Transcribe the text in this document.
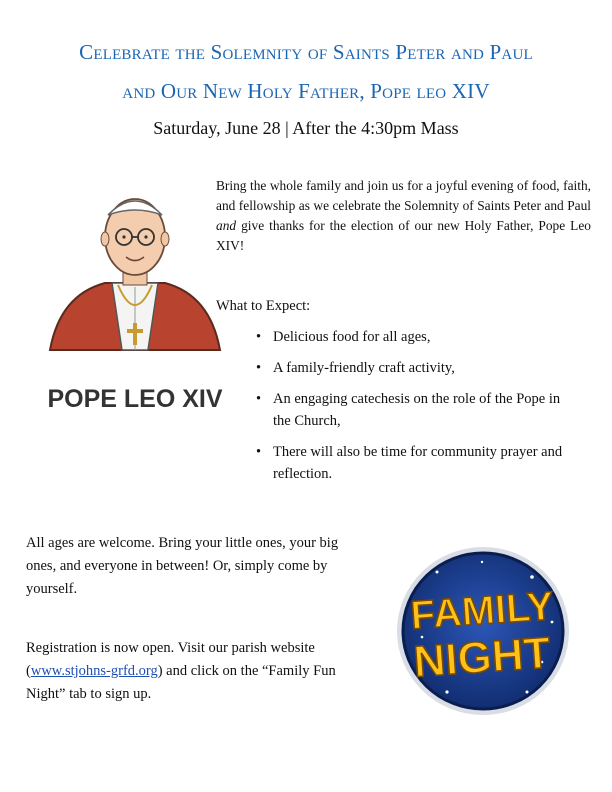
Celebrate the Solemnity of Saints Peter and Paul
and Our New Holy Father, Pope leo XIV
Saturday, June 28 | After the 4:30pm Mass
POPE LEO XIV
Bring the whole family and join us for a joyful evening of food, faith, and fellowship as we celebrate the Solemnity of Saints Peter and Paul and give thanks for the election of our new Holy Father, Pope Leo XIV!
What to Expect:
• Delicious food for all ages,
• A family-friendly craft activity,
• An engaging catechesis on the role of the Pope in the Church,
• There will also be time for community prayer and reflection.
All ages are welcome. Bring your little ones, your big ones, and everyone in between! Or, simply come by yourself.
Registration is now open. Visit our parish website (www.stjohns-grfd.org) and click on the “Family Fun Night” tab to sign up.
FAMILY
NIGHT
